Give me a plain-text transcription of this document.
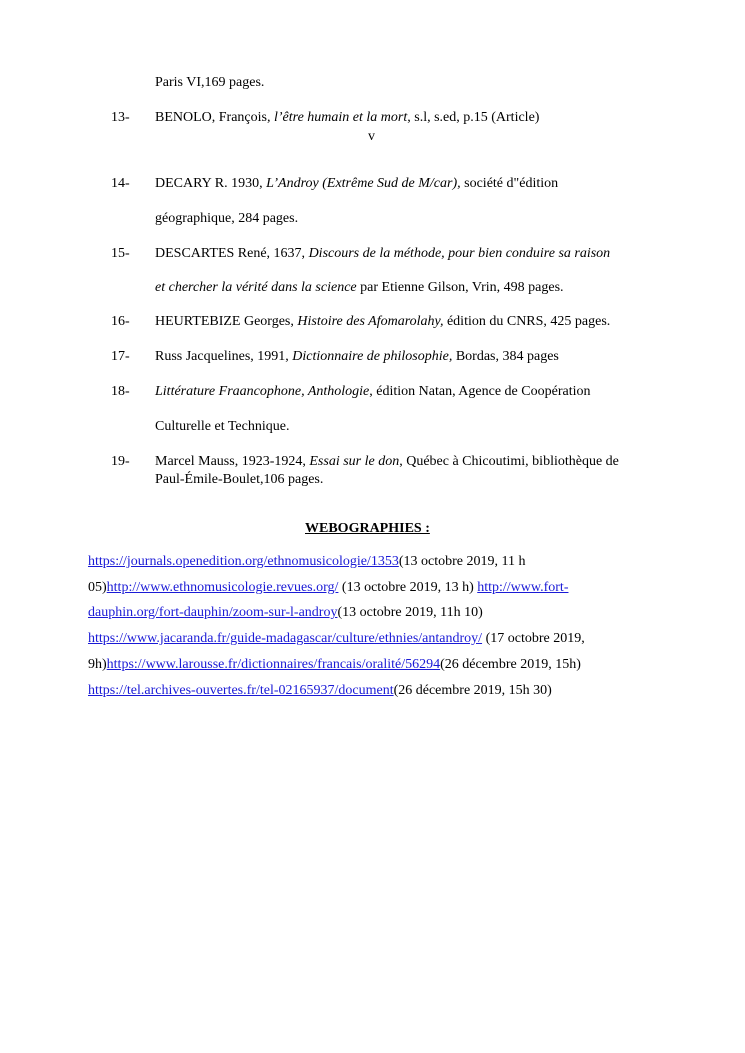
Paris VI,169 pages.
13- BENOLO, François, l’être humain et la mort, s.l, s.ed, p.15 (Article)
v
14- DECARY R. 1930, L’Androy (Extrême Sud de M/car), société d"édition
géographique, 284 pages.
15- DESCARTES René, 1637, Discours de la méthode, pour bien conduire sa raison
et chercher la vérité dans la science par Etienne Gilson, Vrin, 498 pages.
16- HEURTEBIZE Georges, Histoire des Afomarolahy, édition du CNRS, 425 pages.
17- Russ Jacquelines, 1991, Dictionnaire de philosophie, Bordas, 384 pages
18- Littérature Fraancophone, Anthologie, édition Natan, Agence de Coopération
Culturelle et Technique.
19- Marcel Mauss, 1923-1924, Essai sur le don, Québec à Chicoutimi, bibliothèque de
Paul-Émile-Boulet,106 pages.
WEBOGRAPHIES :
https://journals.openedition.org/ethnomusicologie/1353(13 octobre 2019, 11 h
05)http://www.ethnomusicologie.revues.org/ (13 octobre 2019, 13 h) http://www.fort-
dauphin.org/fort-dauphin/zoom-sur-l-androy(13 octobre 2019, 11h 10)
https://www.jacaranda.fr/guide-madagascar/culture/ethnies/antandroy/ (17 octobre 2019,
9h)https://www.larousse.fr/dictionnaires/francais/oralité/56294(26 décembre 2019, 15h)
https://tel.archives-ouvertes.fr/tel-02165937/document(26 décembre 2019, 15h 30)
